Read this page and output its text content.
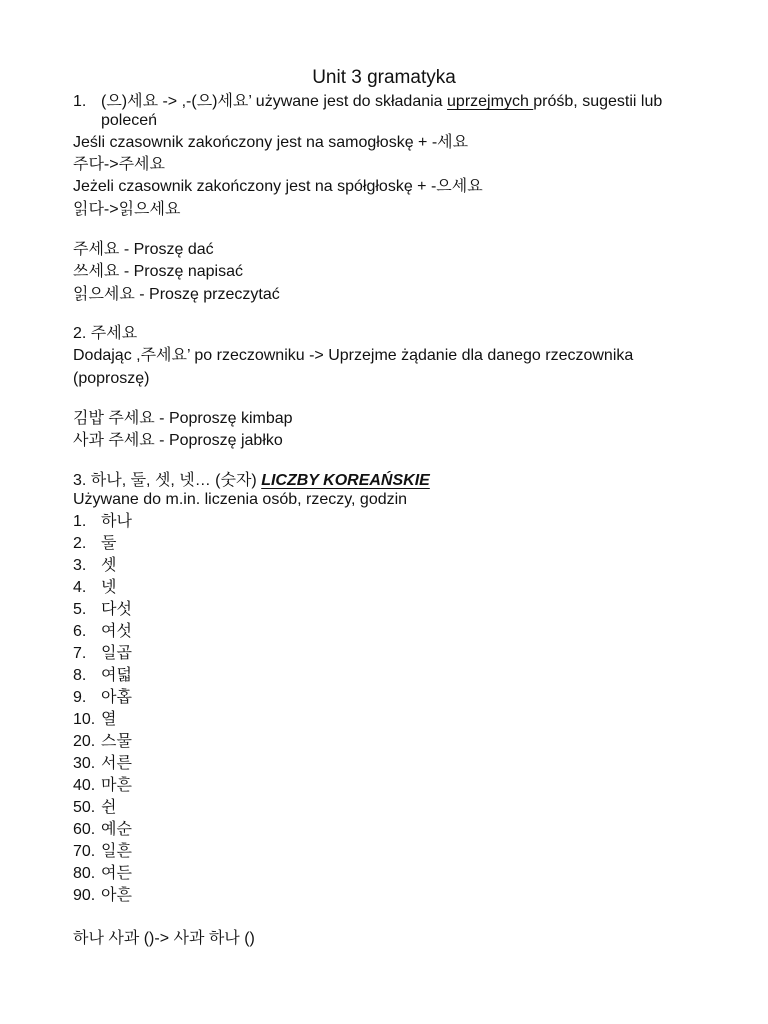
Unit 3 gramatyka
1. (으)세요 -> ,-(으)세요’ używane jest do składania uprzejmych próśb, sugestii lub
poleceń
Jeśli czasownik zakończony jest na samogłoskę + -세요
주다->주세요
Jeżeli czasownik zakończony jest na spółgłoskę + -으세요
읽다->읽으세요
주세요 - Proszę dać
쓰세요 - Proszę napisać
읽으세요 - Proszę przeczytać
2. 주세요
Dodając ,주세요’ po rzeczowniku -> Uprzejme żądanie dla danego rzeczownika
(poproszę)
김밥 주세요 - Poproszę kimbap
사과 주세요 - Poproszę jabłko
3. 하나, 둘, 셋, 넷… (숫자) LICZBY KOREAŃSKIE
Używane do m.in. liczenia osób, rzeczy, godzin
1. 하나
2. 둘
3. 셋
4. 넷
5. 다섯
6. 여섯
7. 일곱
8. 여덟
9. 아홉
10. 열
20. 스물
30. 서른
40. 마흔
50. 쉰
60. 예순
70. 일흔
80. 여든
90. 아흔
하나 사과 ()-> 사과 하나 ()
